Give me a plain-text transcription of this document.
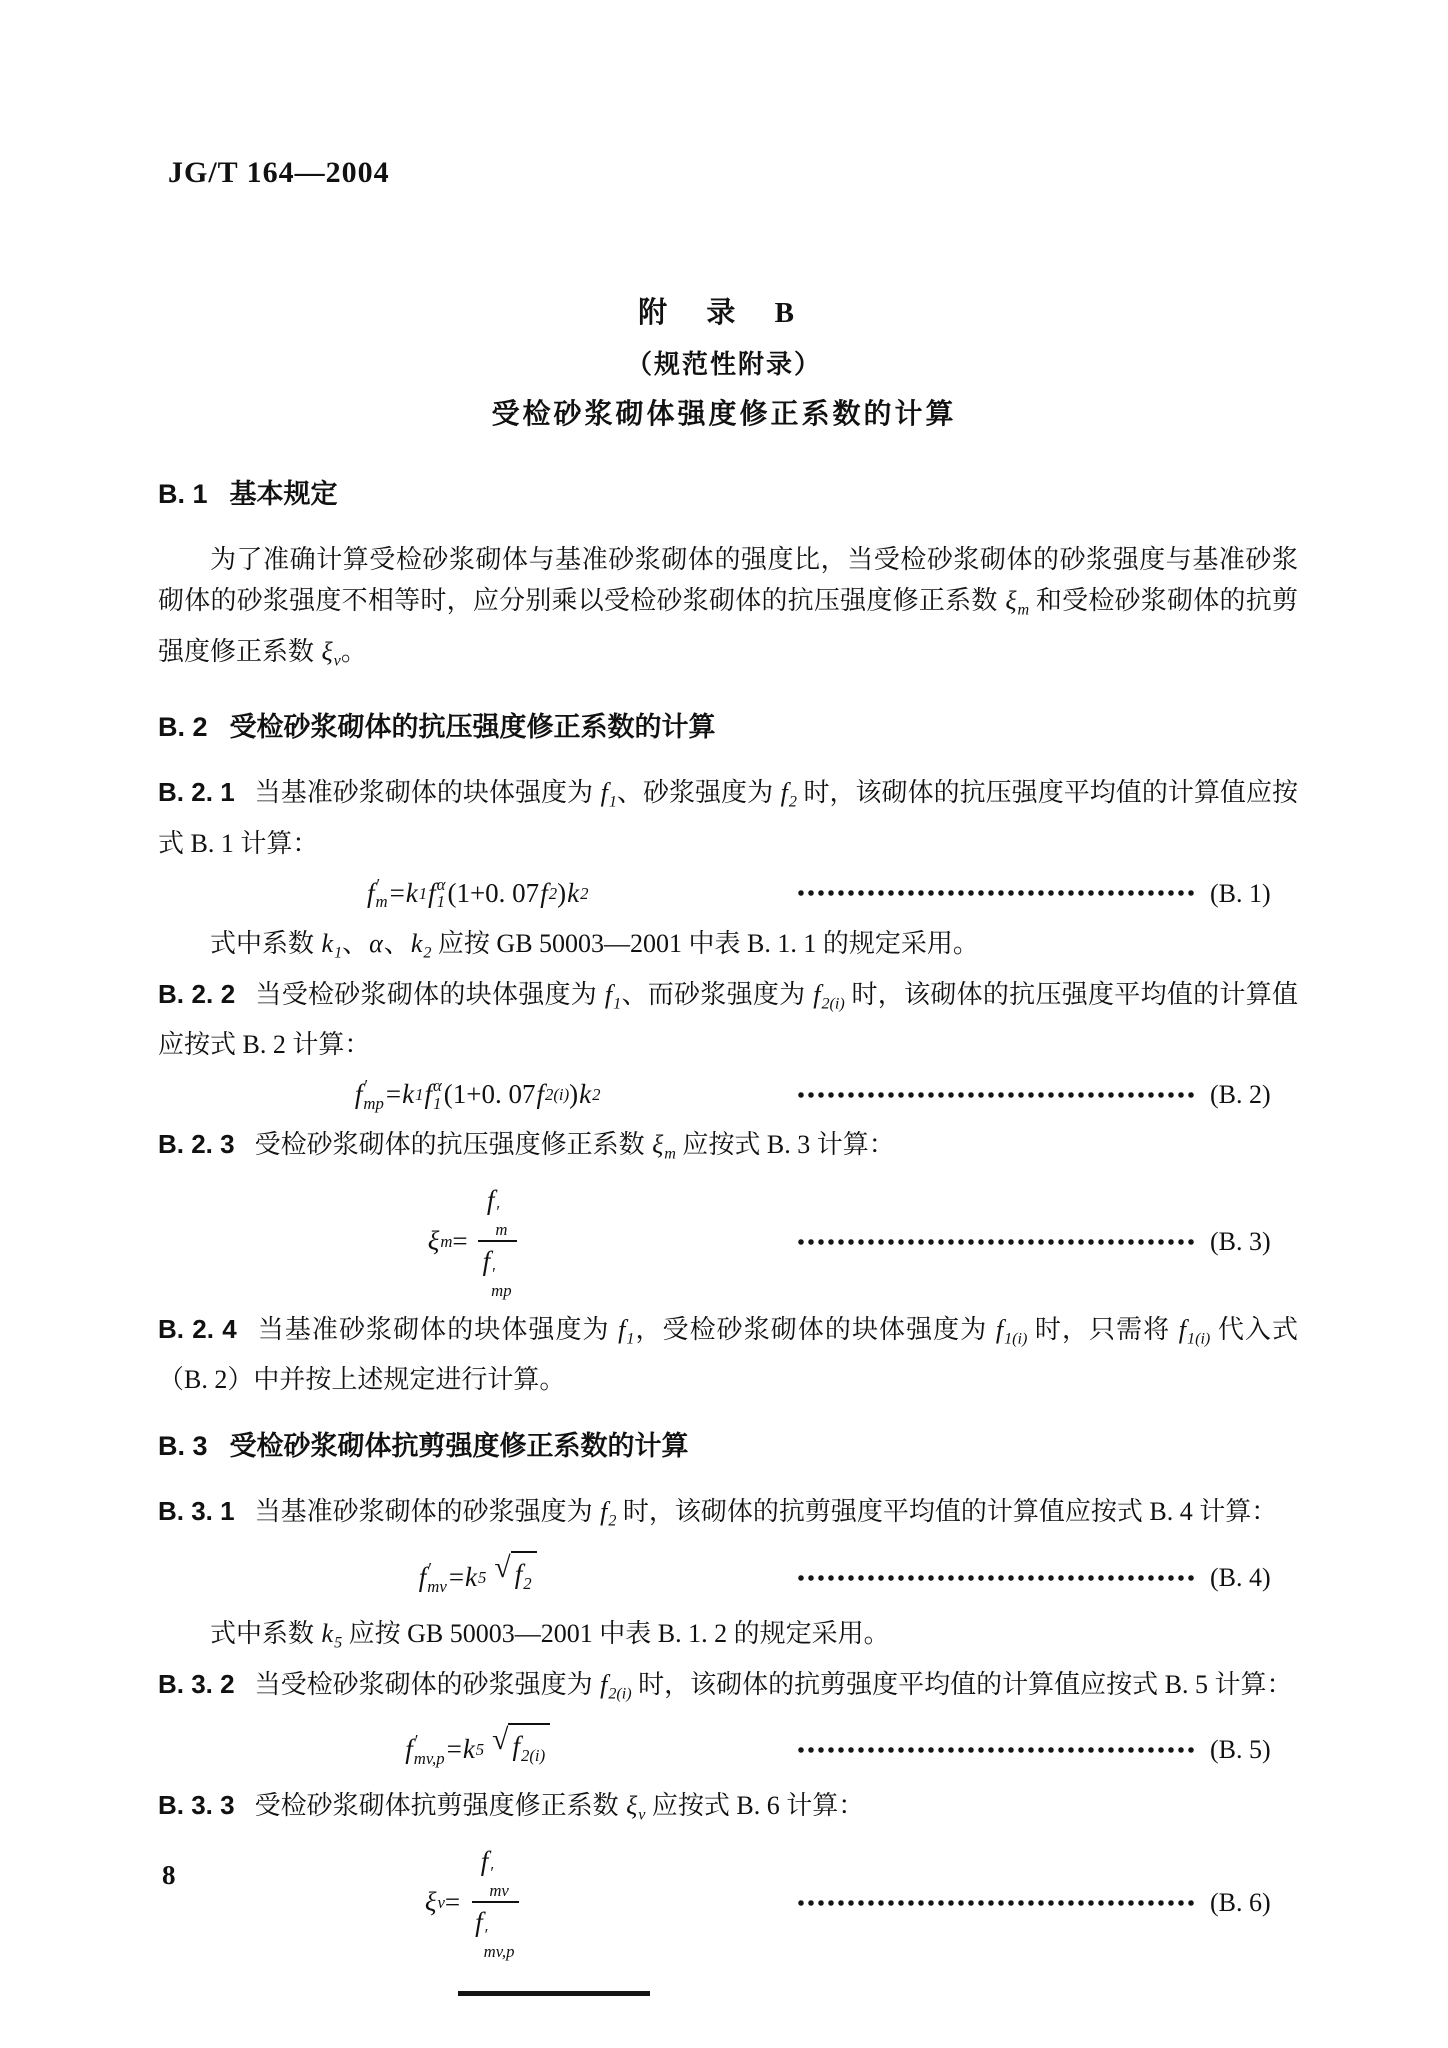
JG/T 164—2004
附 录 B
（规范性附录）
受检砂浆砌体强度修正系数的计算
B. 1 基本规定
为了准确计算受检砂浆砌体与基准砂浆砌体的强度比，当受检砂浆砌体的砂浆强度与基准砂浆砌体的砂浆强度不相等时，应分别乘以受检砂浆砌体的抗压强度修正系数 $\xi_m$ 和受检砂浆砌体的抗剪强度修正系数 $\xi_v$。
B. 2 受检砂浆砌体的抗压强度修正系数的计算
B. 2. 1 当基准砂浆砌体的块体强度为 $f_1$、砂浆强度为 $f_2$ 时，该砌体的抗压强度平均值的计算值应按式 B. 1 计算：
f ′
m = k 1 f α
1 (1+0. 07 f 2 ) k 2	(B. 1)
式中系数 $k_1$、α、$k_2$ 应按 GB 50003—2001 中表 B. 1. 1 的规定采用。
B. 2. 2 当受检砂浆砌体的块体强度为 $f_1$、而砂浆强度为 $f_{2(i)}$ 时，该砌体的抗压强度平均值的计算值应按式 B. 2 计算：
f ′
mp = k 1 f α
1 (1+0. 07 f 2(i) ) k 2	(B. 2)
B. 2. 3 受检砂浆砌体的抗压强度修正系数 $\xi_m$ 应按式 B. 3 计算：
ξ m = f ′
m
f ′
mp	(B. 3)
B. 2. 4 当基准砂浆砌体的块体强度为 $f_1$，受检砂浆砌体的块体强度为 $f_{1(i)}$ 时，只需将 $f_{1(i)}$ 代入式（B. 2）中并按上述规定进行计算。
B. 3 受检砂浆砌体抗剪强度修正系数的计算
B. 3. 1 当基准砂浆砌体的砂浆强度为 $f_2$ 时，该砌体的抗剪强度平均值的计算值应按式 B. 4 计算：
f ′
mv = k 5 √ $f_2$	(B. 4)
式中系数 $k_5$ 应按 GB 50003—2001 中表 B. 1. 2 的规定采用。
B. 3. 2 当受检砂浆砌体的砂浆强度为 $f_{2(i)}$ 时，该砌体的抗剪强度平均值的计算值应按式 B. 5 计算：
f ′
mv,p = k 5 √ $f_{2(i)}$	(B. 5)
B. 3. 3 受检砂浆砌体抗剪强度修正系数 $\xi_v$ 应按式 B. 6 计算：
ξ v = f ′
mv
f ′
mv,p	(B. 6)
8
